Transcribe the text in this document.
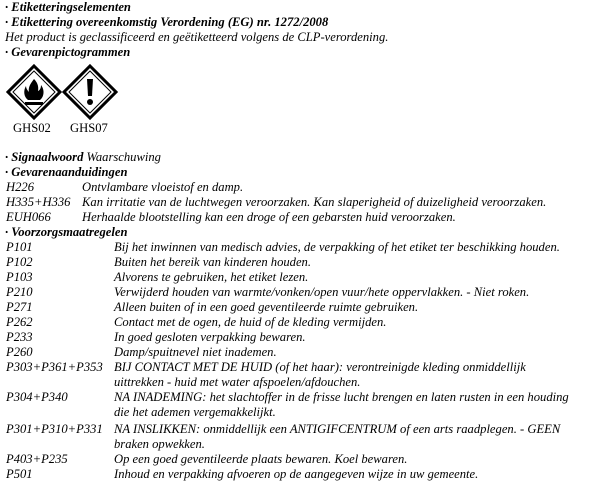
· Etiketteringselementen
· Etikettering overeenkomstig Verordening (EG) nr. 1272/2008
Het product is geclassificeerd en geëtiketteerd volgens de CLP-verordening.
· Gevarenpictogrammen
GHS02 GHS07
· Signaalwoord Waarschuwing
· Gevarenaanduidingen
H226	Ontvlambare vloeistof en damp.
H335+H336 Kan irritatie van de luchtwegen veroorzaken. Kan slaperigheid of duizeligheid veroorzaken.
EUH066 Herhaalde blootstelling kan een droge of een gebarsten huid veroorzaken.
· Voorzorgsmaatregelen
P101	Bij het inwinnen van medisch advies, de verpakking of het etiket ter beschikking houden.
P102	Buiten het bereik van kinderen houden.
P103	Alvorens te gebruiken, het etiket lezen.
P210	Verwijderd houden van warmte/vonken/open vuur/hete oppervlakken. - Niet roken.
P271	Alleen buiten of in een goed geventileerde ruimte gebruiken.
P262	Contact met de ogen, de huid of de kleding vermijden.
P233	In goed gesloten verpakking bewaren.
P260	Damp/spuitnevel niet inademen.
P303+P361+P353 BIJ CONTACT MET DE HUID (of het haar): verontreinigde kleding onmiddellijk
uittrekken - huid met water afspoelen/afdouchen.
P304+P340	NA INADEMING: het slachtoffer in de frisse lucht brengen en laten rusten in een houding
die het ademen vergemakkelijkt.
P301+P310+P331 NA INSLIKKEN: onmiddellijk een ANTIGIFCENTRUM of een arts raadplegen. - GEEN
braken opwekken.
P403+P235	Op een goed geventileerde plaats bewaren. Koel bewaren.
P501	Inhoud en verpakking afvoeren op de aangegeven wijze in uw gemeente.
